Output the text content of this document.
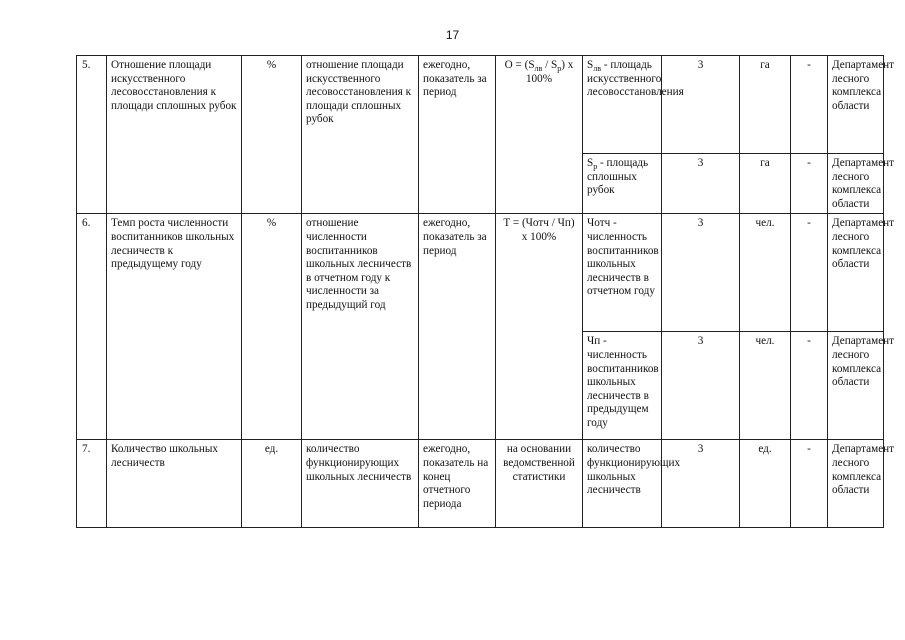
17
5.	Отношение площади искусственного лесовосстановления к площади сплошных рубок	%	отношение площади искусственного лесовосстановления к площади сплошных рубок	ежегодно, показатель за период	$O = (S_{лв} / S_р)$ x 100%	$S_{лв}$ - площадь искусственного лесовосстановления	3	га	-	Департамент лесного комплекса области
						$S_р$ - площадь сплошных рубок	3	га	-	Департамент лесного комплекса области
6.	Темп роста численности воспитанников школьных лесничеств к предыдущему году	%	отношение численности воспитанников школьных лесничеств в отчетном году к численности за предыдущий год	ежегодно, показатель за период	T = (Чотч / Чп) x 100%	Чотч - численность воспитанников школьных лесничеств в отчетном году	3	чел.	-	Департамент лесного комплекса области
						Чп - численность воспитанников школьных лесничеств в предыдущем году	3	чел.	-	Департамент лесного комплекса области
7.	Количество школьных лесничеств	ед.	количество функционирующих школьных лесничеств	ежегодно, показатель на конец отчетного периода	на основании ведомственной статистики	количество функционирующих школьных лесничеств	3	ед.	-	Департамент лесного комплекса области
